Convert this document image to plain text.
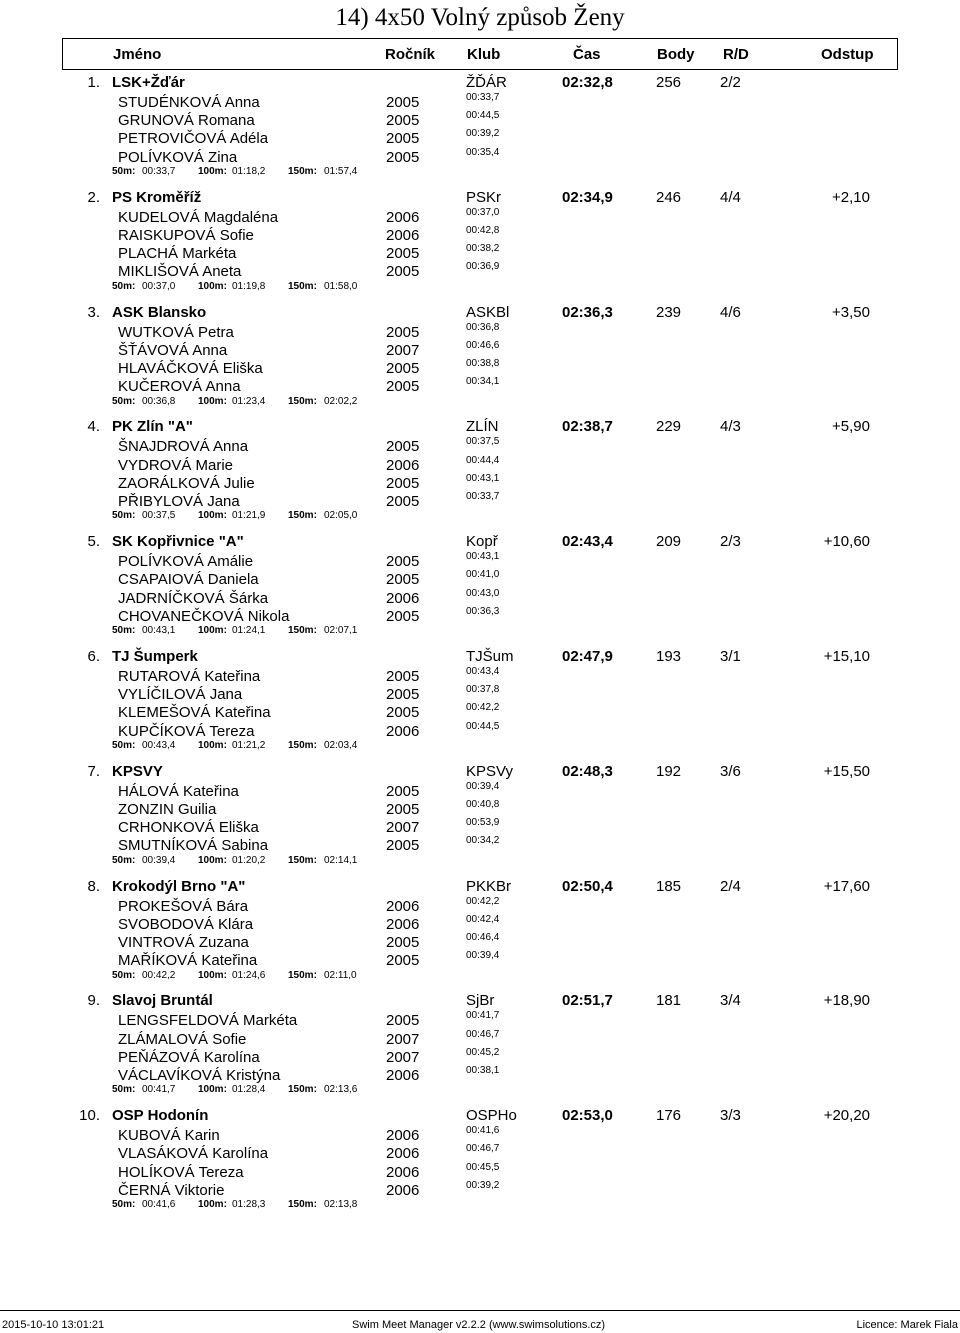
14) 4x50 Volný způsob Ženy
Jméno	Ročník Klub	Čas	Body R/D	Odstup
1. LSK+Žďár	ŽĎÁR	02:32,8	256	2/2
STUDÉNKOVÁ Anna	2005	00:33,7
GRUNOVÁ Romana	2005	00:44,5
PETROVIČOVÁ Adéla	2005	00:39,2
POLÍVKOVÁ Zina	2005	00:35,4
50m: 00:33,7 100m: 01:18,2 150m: 01:57,4
2. PS Kroměříž	PSKr	02:34,9	246	4/4	+2,10
KUDELOVÁ Magdaléna	2006	00:37,0
RAISKUPOVÁ Sofie	2006	00:42,8
PLACHÁ Markéta	2005	00:38,2
MIKLIŠOVÁ Aneta	2005	00:36,9
50m: 00:37,0 100m: 01:19,8 150m: 01:58,0
3. ASK Blansko	ASKBl	02:36,3	239	4/6	+3,50
WUTKOVÁ Petra	2005	00:36,8
ŠŤÁVOVÁ Anna	2007	00:46,6
HLAVÁČKOVÁ Eliška	2005	00:38,8
KUČEROVÁ Anna	2005	00:34,1
50m: 00:36,8 100m: 01:23,4 150m: 02:02,2
4. PK Zlín "A"	ZLÍN	02:38,7	229	4/3	+5,90
ŠNAJDROVÁ Anna	2005	00:37,5
VYDROVÁ Marie	2006	00:44,4
ZAORÁLKOVÁ Julie	2005	00:43,1
PŘIBYLOVÁ Jana	2005	00:33,7
50m: 00:37,5 100m: 01:21,9 150m: 02:05,0
5. SK Kopřivnice "A"	Kopř	02:43,4	209	2/3	+10,60
POLÍVKOVÁ Amálie	2005	00:43,1
CSAPAIOVÁ Daniela	2005	00:41,0
JADRNÍČKOVÁ Šárka	2006	00:43,0
CHOVANEČKOVÁ Nikola	2005	00:36,3
50m: 00:43,1 100m: 01:24,1 150m: 02:07,1
6. TJ Šumperk	TJŠum	02:47,9	193	3/1	+15,10
RUTAROVÁ Kateřina	2005	00:43,4
VYLÍČILOVÁ Jana	2005	00:37,8
KLEMEŠOVÁ Kateřina	2005	00:42,2
KUPČÍKOVÁ Tereza	2006	00:44,5
50m: 00:43,4 100m: 01:21,2 150m: 02:03,4
7. KPSVY	KPSVy	02:48,3	192	3/6	+15,50
HÁLOVÁ Kateřina	2005	00:39,4
ZONZIN Guilia	2005	00:40,8
CRHONKOVÁ Eliška	2007	00:53,9
SMUTNÍKOVÁ Sabina	2005	00:34,2
50m: 00:39,4 100m: 01:20,2 150m: 02:14,1
8. Krokodýl Brno "A"	PKKBr	02:50,4	185	2/4	+17,60
PROKEŠOVÁ Bára	2006	00:42,2
SVOBODOVÁ Klára	2006	00:42,4
VINTROVÁ Zuzana	2005	00:46,4
MAŘÍKOVÁ Kateřina	2005	00:39,4
50m: 00:42,2 100m: 01:24,6 150m: 02:11,0
9. Slavoj Bruntál	SjBr	02:51,7	181	3/4	+18,90
LENGSFELDOVÁ Markéta	2005	00:41,7
ZLÁMALOVÁ Sofie	2007	00:46,7
PEŇÁZOVÁ Karolína	2007	00:45,2
VÁCLAVÍKOVÁ Kristýna	2006	00:38,1
50m: 00:41,7 100m: 01:28,4 150m: 02:13,6
10. OSP Hodonín	OSPHo	02:53,0	176	3/3	+20,20
KUBOVÁ Karin	2006	00:41,6
VLASÁKOVÁ Karolína	2006	00:46,7
HOLÍKOVÁ Tereza	2006	00:45,5
ČERNÁ Viktorie	2006	00:39,2
50m: 00:41,6 100m: 01:28,3 150m: 02:13,8
2015-10-10 13:01:21	Swim Meet Manager v2.2.2 (www.swimsolutions.cz)	Licence: Marek Fiala
